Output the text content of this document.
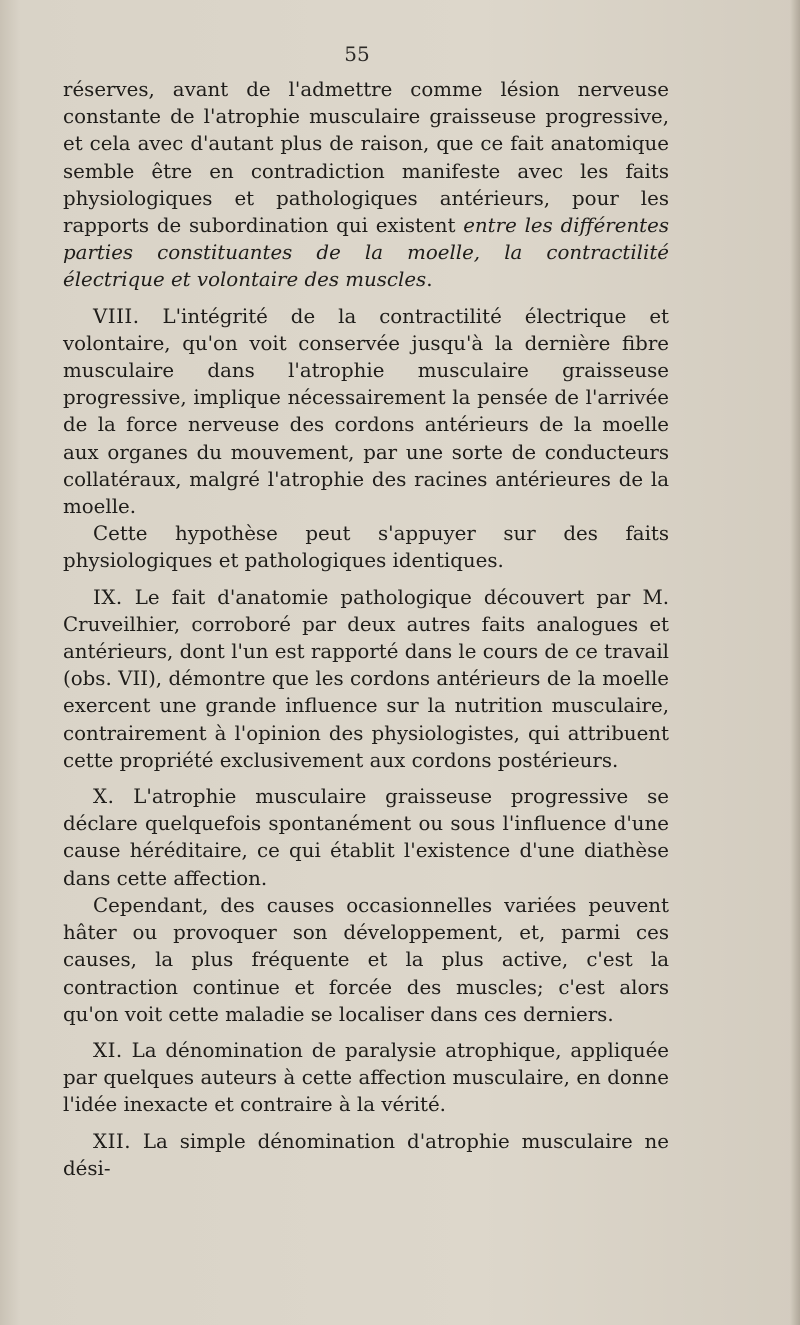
55

réserves, avant de l'admettre comme lésion nerveuse constante de l'atrophie musculaire graisseuse progressive, et cela avec d'autant plus de raison, que ce fait anatomique semble être en contradiction manifeste avec les faits physiologiques et pathologiques antérieurs, pour les rapports de subordination qui existent entre les différentes parties constituantes de la moelle, la contractilité électrique et volontaire des muscles.

VIII. L'intégrité de la contractilité électrique et volontaire, qu'on voit conservée jusqu'à la dernière fibre musculaire dans l'atrophie musculaire graisseuse progressive, implique nécessairement la pensée de l'arrivée de la force nerveuse des cordons antérieurs de la moelle aux organes du mouvement, par une sorte de conducteurs collatéraux, malgré l'atrophie des racines antérieures de la moelle.

Cette hypothèse peut s'appuyer sur des faits physiologiques et pathologiques identiques.

IX. Le fait d'anatomie pathologique découvert par M. Cruveilhier, corroboré par deux autres faits analogues et antérieurs, dont l'un est rapporté dans le cours de ce travail (obs. VII), démontre que les cordons antérieurs de la moelle exercent une grande influence sur la nutrition musculaire, contrairement à l'opinion des physiologistes, qui attribuent cette propriété exclusivement aux cordons postérieurs.

X. L'atrophie musculaire graisseuse progressive se déclare quelquefois spontanément ou sous l'influence d'une cause héréditaire, ce qui établit l'existence d'une diathèse dans cette affection.

Cependant, des causes occasionnelles variées peuvent hâter ou provoquer son développement, et, parmi ces causes, la plus fréquente et la plus active, c'est la contraction continue et forcée des muscles; c'est alors qu'on voit cette maladie se localiser dans ces derniers.

XI. La dénomination de paralysie atrophique, appliquée par quelques auteurs à cette affection musculaire, en donne l'idée inexacte et contraire à la vérité.

XII. La simple dénomination d'atrophie musculaire ne dési-
